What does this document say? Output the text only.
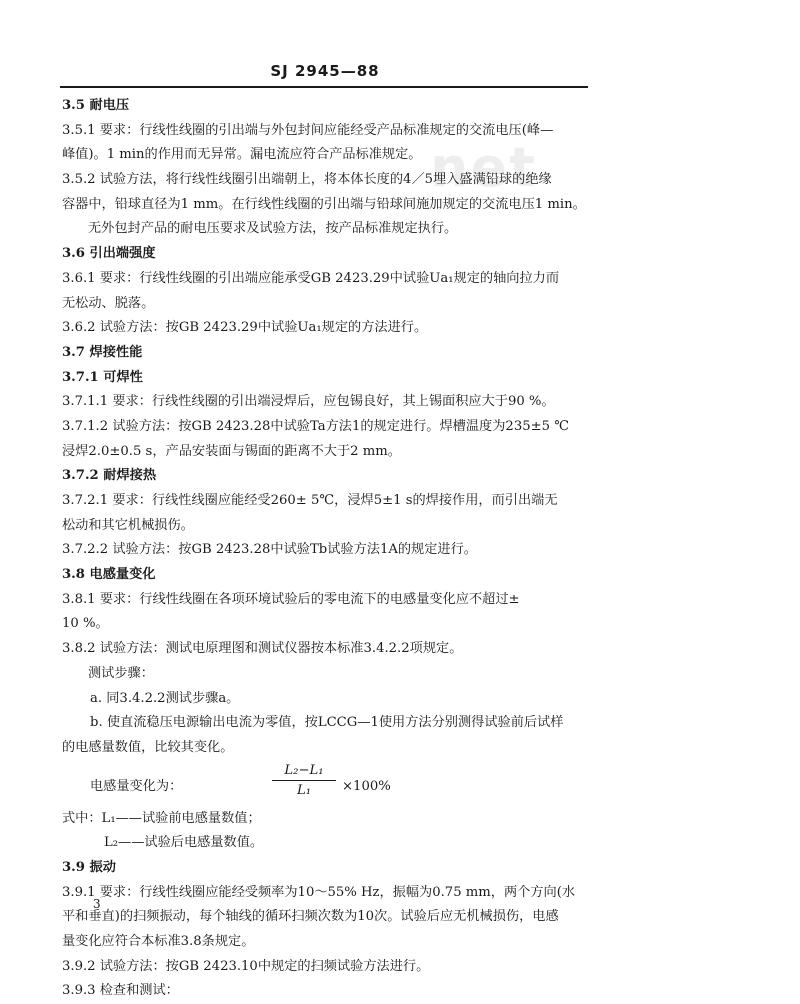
SJ 2945—88
net
3.5 耐电压
3.5.1 要求：行线性线圈的引出端与外包封间应能经受产品标准规定的交流电压(峰—
峰值)。1 min的作用而无异常。漏电流应符合产品标准规定。
3.5.2 试验方法，将行线性线圈引出端朝上，将本体长度的4／5埋入盛满铅球的绝缘
容器中，铅球直径为1 mm。在行线性线圈的引出端与铅球间施加规定的交流电压1 min。
无外包封产品的耐电压要求及试验方法，按产品标准规定执行。
3.6 引出端强度
3.6.1 要求：行线性线圈的引出端应能承受GB 2423.29中试验Ua₁规定的轴向拉力而
无松动、脱落。
3.6.2 试验方法：按GB 2423.29中试验Ua₁规定的方法进行。
3.7 焊接性能
3.7.1 可焊性
3.7.1.1 要求：行线性线圈的引出端浸焊后，应包锡良好，其上锡面积应大于90 %。
3.7.1.2 试验方法：按GB 2423.28中试验Ta方法1的规定进行。焊槽温度为235±5 ℃
浸焊2.0±0.5 s，产品安装面与锡面的距离不大于2 mm。
3.7.2 耐焊接热
3.7.2.1 要求：行线性线圈应能经受260± 5℃，浸焊5±1 s的焊接作用，而引出端无
松动和其它机械损伤。
3.7.2.2 试验方法：按GB 2423.28中试验Tb试验方法1A的规定进行。
3.8 电感量变化
3.8.1 要求：行线性线圈在各项环境试验后的零电流下的电感量变化应不超过±
10 %。
3.8.2 试验方法：测试电原理图和测试仪器按本标准3.4.2.2项规定。
测试步骤：
a. 同3.4.2.2测试步骤a。
b. 使直流稳压电源输出电流为零值，按LCCG—1使用方法分别测得试验前后试样
的电感量数值，比较其变化。
电感量变化为：	$\frac{\text{L₂−L₁}}{\text{L₁}} \times 100\%$
式中：L₁——试验前电感量数值；
L₂——试验后电感量数值。
3.9 振动
3.9.1 要求：行线性线圈应能经受频率为10～55% Hz，振幅为0.75 mm，两个方向(水
平和垂直)的扫频振动，每个轴线的循环扫频次数为10次。试验后应无机械损伤，电感
量变化应符合本标准3.8条规定。
3.9.2 试验方法：按GB 2423.10中规定的扫频试验方法进行。
3.9.3 检查和测试：
3
